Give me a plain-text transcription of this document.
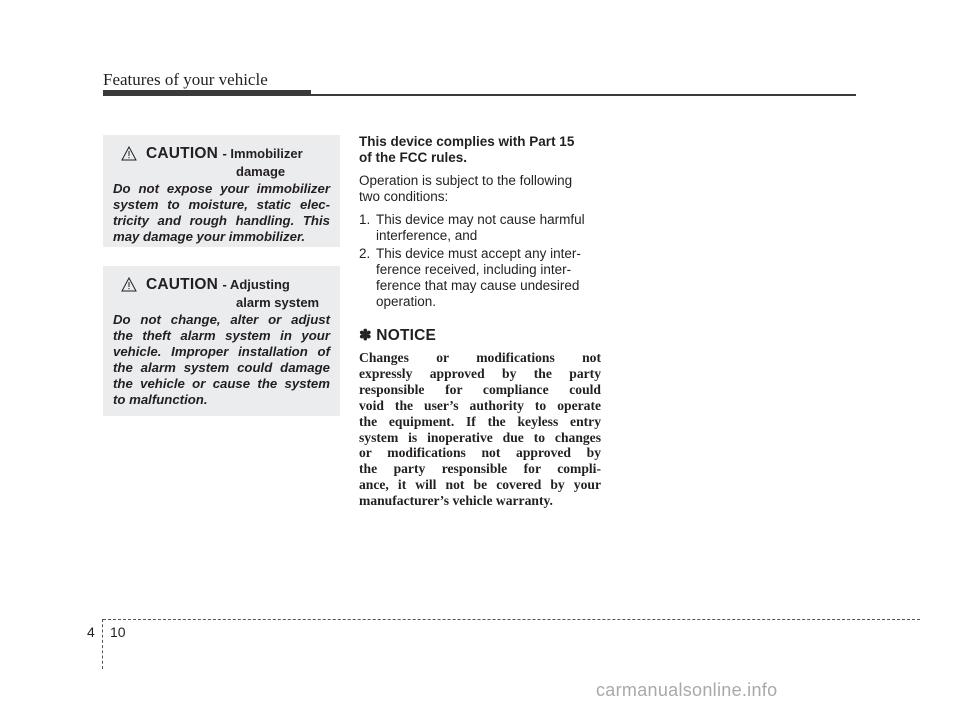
Features of your vehicle
CAUTION - Immobilizer
damage
Do not expose your immobilizer
system to moisture, static elec-
tricity and rough handling. This
may damage your immobilizer.
CAUTION - Adjusting
alarm system
Do not change, alter or adjust
the theft alarm system in your
vehicle. Improper installation of
the alarm system could damage
the vehicle or cause the system
to malfunction.
This device complies with Part 15
of the FCC rules.
Operation is subject to the following
two conditions:
1. This device may not cause harmful
interference, and
2. This device must accept any inter-
ference received, including inter-
ference that may cause undesired
operation.
✽ NOTICE
Changes or modifications not
expressly approved by the party
responsible for compliance could
void the user’s authority to operate
the equipment. If the keyless entry
system is inoperative due to changes
or modifications not approved by
the party responsible for compli-
ance, it will not be covered by your
manufacturer’s vehicle warranty.
4 10
carmanualsonline.info
